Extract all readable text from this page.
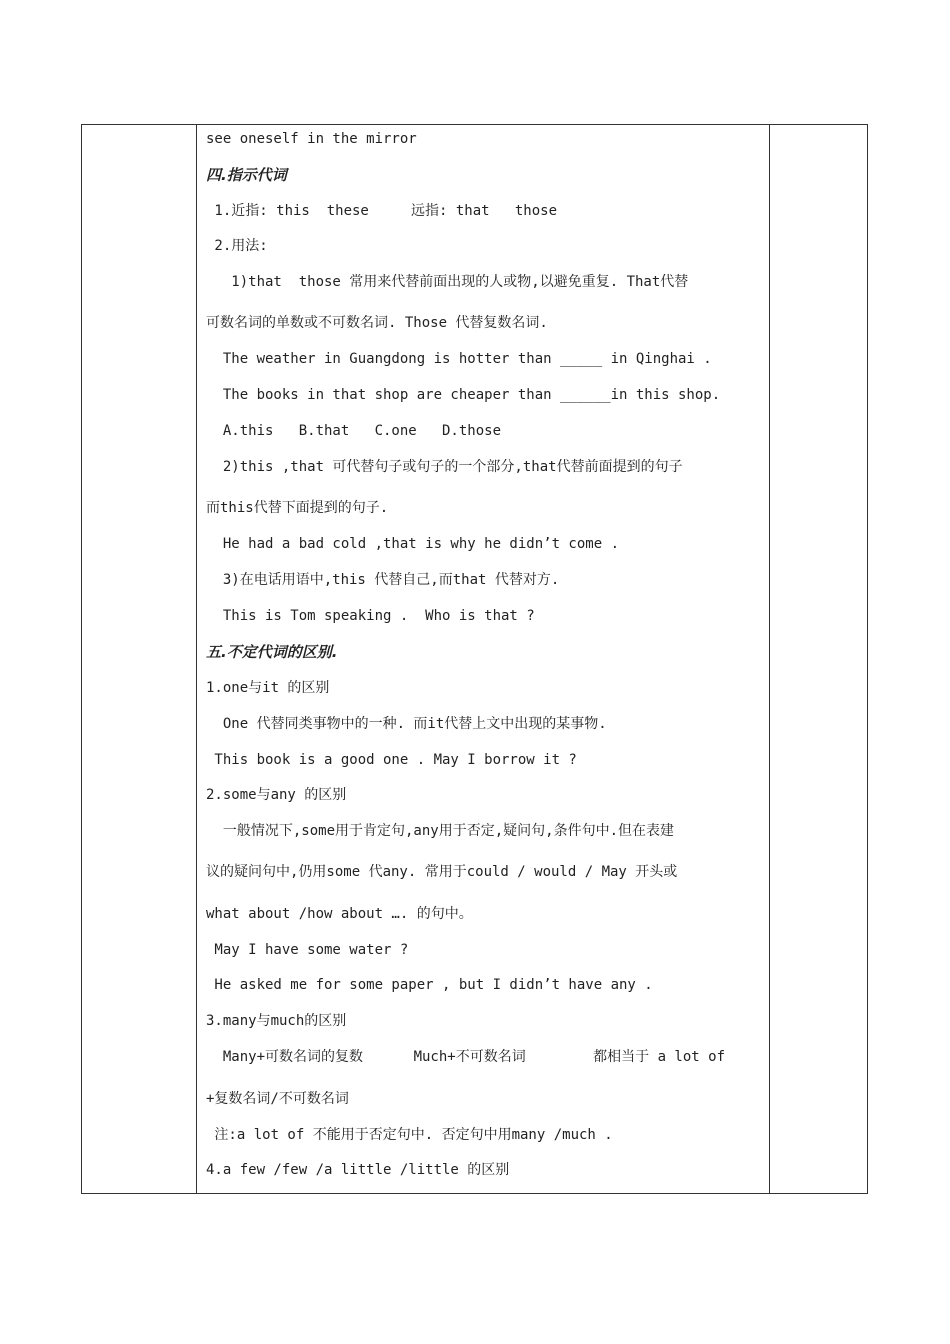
see oneself in the mirror
四.指示代词
1.近指: this  these     远指: that   those
2.用法:
1)that  those 常用来代替前面出现的人或物,以避免重复. That代替
可数名词的单数或不可数名词. Those 代替复数名词.
The weather in Guangdong is hotter than _____ in Qinghai .
The books in that shop are cheaper than ______in this shop.
A.this   B.that   C.one   D.those
2)this ,that 可代替句子或句子的一个部分,that代替前面提到的句子
而this代替下面提到的句子.
He had a bad cold ,that is why he didn’t come .
3)在电话用语中,this 代替自己,而that 代替对方.
This is Tom speaking .  Who is that ?
五.不定代词的区别.
1.one与it 的区别
One 代替同类事物中的一种. 而it代替上文中出现的某事物.
This book is a good one . May I borrow it ?
2.some与any 的区别
一般情况下,some用于肯定句,any用于否定,疑问句,条件句中.但在表建
议的疑问句中,仍用some 代any. 常用于could / would / May 开头或
what about /how about …. 的句中。
May I have some water ?
He asked me for some paper , but I didn’t have any .
3.many与much的区别
Many+可数名词的复数      Much+不可数名词        都相当于 a lot of
+复数名词/不可数名词
注:a lot of 不能用于否定句中. 否定句中用many /much .
4.a few /few /a little /little 的区别
